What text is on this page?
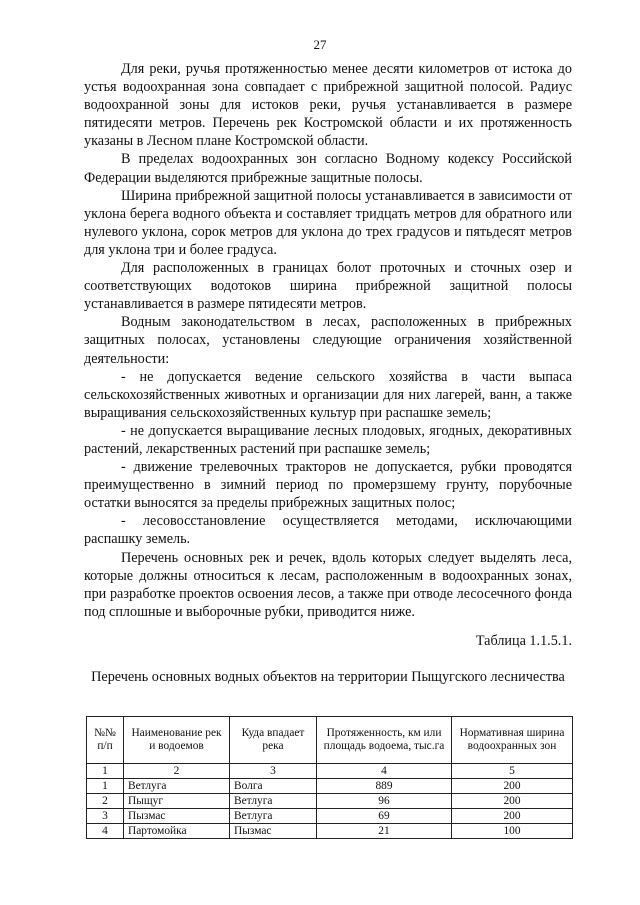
27

Для реки, ручья протяженностью менее десяти километров от истока до устья водоохранная зона совпадает с прибрежной защитной полосой. Радиус водоохранной зоны для истоков реки, ручья устанавливается в размере пятидесяти метров. Перечень рек Костромской области и их протяженность указаны в Лесном плане Костромской области.

В пределах водоохранных зон согласно Водному кодексу Российской Федерации выделяются прибрежные защитные полосы.

Ширина прибрежной защитной полосы устанавливается в зависимости от уклона берега водного объекта и составляет тридцать метров для обратного или нулевого уклона, сорок метров для уклона до трех градусов и пятьдесят метров для уклона три и более градуса.

Для расположенных в границах болот проточных и сточных озер и соответствующих водотоков ширина прибрежной защитной полосы устанавливается в размере пятидесяти метров.

Водным законодательством в лесах, расположенных в прибрежных защитных полосах, установлены следующие ограничения хозяйственной деятельности:

- не допускается ведение сельского хозяйства в части выпаса сельскохозяйственных животных и организации для них лагерей, ванн, а также выращивания сельскохозяйственных культур при распашке земель;

- не допускается выращивание лесных плодовых, ягодных, декоративных растений, лекарственных растений при распашке земель;

- движение трелевочных тракторов не допускается, рубки проводятся преимущественно в зимний период по промерзшему грунту, порубочные остатки выносятся за пределы прибрежных защитных полос;

- лесовосстановление осуществляется методами, исключающими распашку земель.

Перечень основных рек и речек, вдоль которых следует выделять леса, которые должны относиться к лесам, расположенным в водоохранных зонах, при разработке проектов освоения лесов, а также при отводе лесосечного фонда под сплошные и выборочные рубки, приводится ниже.

Таблица 1.1.5.1.
Перечень основных водных объектов на территории Пыщугского лесничества
№№ п/п	Наименование рек и водоемов	Куда впадает река	Протяженность, км или площадь водоема, тыс.га	Нормативная ширина водоохранных зон
1	2	3	4	5
1	Ветлуга	Волга	889	200
2	Пыщуг	Ветлуга	96	200
3	Пызмас	Ветлуга	69	200
4	Партомойка	Пызмас	21	100
